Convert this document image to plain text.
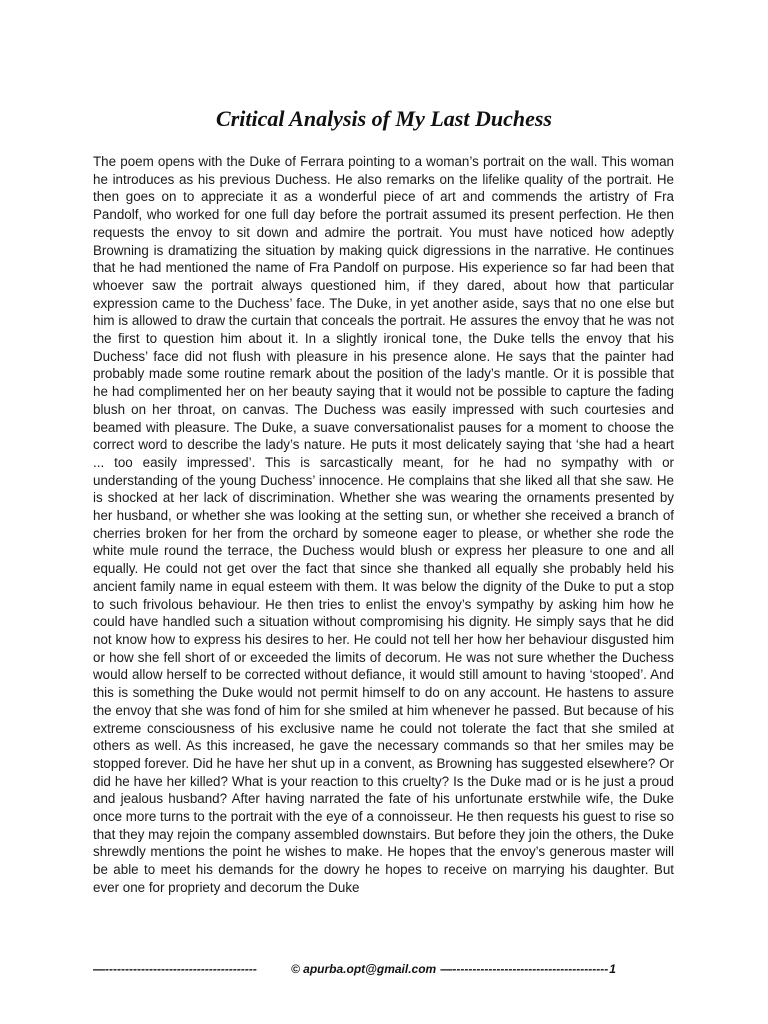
Critical Analysis of My Last Duchess

The poem opens with the Duke of Ferrara pointing to a woman’s portrait on the wall. This woman he introduces as his previous Duchess. He also remarks on the lifelike quality of the portrait. He then goes on to appreciate it as a wonderful piece of art and commends the artistry of Fra Pandolf, who worked for one full day before the portrait assumed its present perfection. He then requests the envoy to sit down and admire the portrait. You must have noticed how adeptly Browning is dramatizing the situation by making quick digressions in the narrative. He continues that he had mentioned the name of Fra Pandolf on purpose. His experience so far had been that whoever saw the portrait always questioned him, if they dared, about how that particular expression came to the Duchess’ face. The Duke, in yet another aside, says that no one else but him is allowed to draw the curtain that conceals the portrait. He assures the envoy that he was not the first to question him about it. In a slightly ironical tone, the Duke tells the envoy that his Duchess’ face did not flush with pleasure in his presence alone. He says that the painter had probably made some routine remark about the position of the lady’s mantle. Or it is possible that he had complimented her on her beauty saying that it would not be possible to capture the fading blush on her throat, on canvas. The Duchess was easily impressed with such courtesies and beamed with pleasure. The Duke, a suave conversationalist pauses for a moment to choose the correct word to describe the lady’s nature. He puts it most delicately saying that ‘she had a heart ... too easily impressed’. This is sarcastically meant, for he had no sympathy with or understanding of the young Duchess’ innocence. He complains that she liked all that she saw. He is shocked at her lack of discrimination. Whether she was wearing the ornaments presented by her husband, or whether she was looking at the setting sun, or whether she received a branch of cherries broken for her from the orchard by someone eager to please, or whether she rode the white mule round the terrace, the Duchess would blush or express her pleasure to one and all equally. He could not get over the fact that since she thanked all equally she probably held his ancient family name in equal esteem with them. It was below the dignity of the Duke to put a stop to such frivolous behaviour. He then tries to enlist the envoy’s sympathy by asking him how he could have handled such a situation without compromising his dignity. He simply says that he did not know how to express his desires to her. He could not tell her how her behaviour disgusted him or how she fell short of or exceeded the limits of decorum. He was not sure whether the Duchess would allow herself to be corrected without defiance, it would still amount to having ‘stooped’. And this is something the Duke would not permit himself to do on any account. He hastens to assure the envoy that she was fond of him for she smiled at him whenever he passed. But because of his extreme consciousness of his exclusive name he could not tolerate the fact that she smiled at others as well. As this increased, he gave the necessary commands so that her smiles may be stopped forever. Did he have her shut up in a convent, as Browning has suggested elsewhere? Or did he have her killed? What is your reaction to this cruelty? Is the Duke mad or is he just a proud and jealous husband? After having narrated the fate of his unfortunate erstwhile wife, the Duke once more turns to the portrait with the eye of a connoisseur. He then requests his guest to rise so that they may rejoin the company assembled downstairs. But before they join the others, the Duke shrewdly mentions the point he wishes to make. He hopes that the envoy’s generous master will be able to meet his demands for the dowry he hopes to receive on marrying his daughter. But ever one for propriety and decorum the Duke

—--------------------------------------	© apurba.opt@gmail.com —--------------------------------------- 1
